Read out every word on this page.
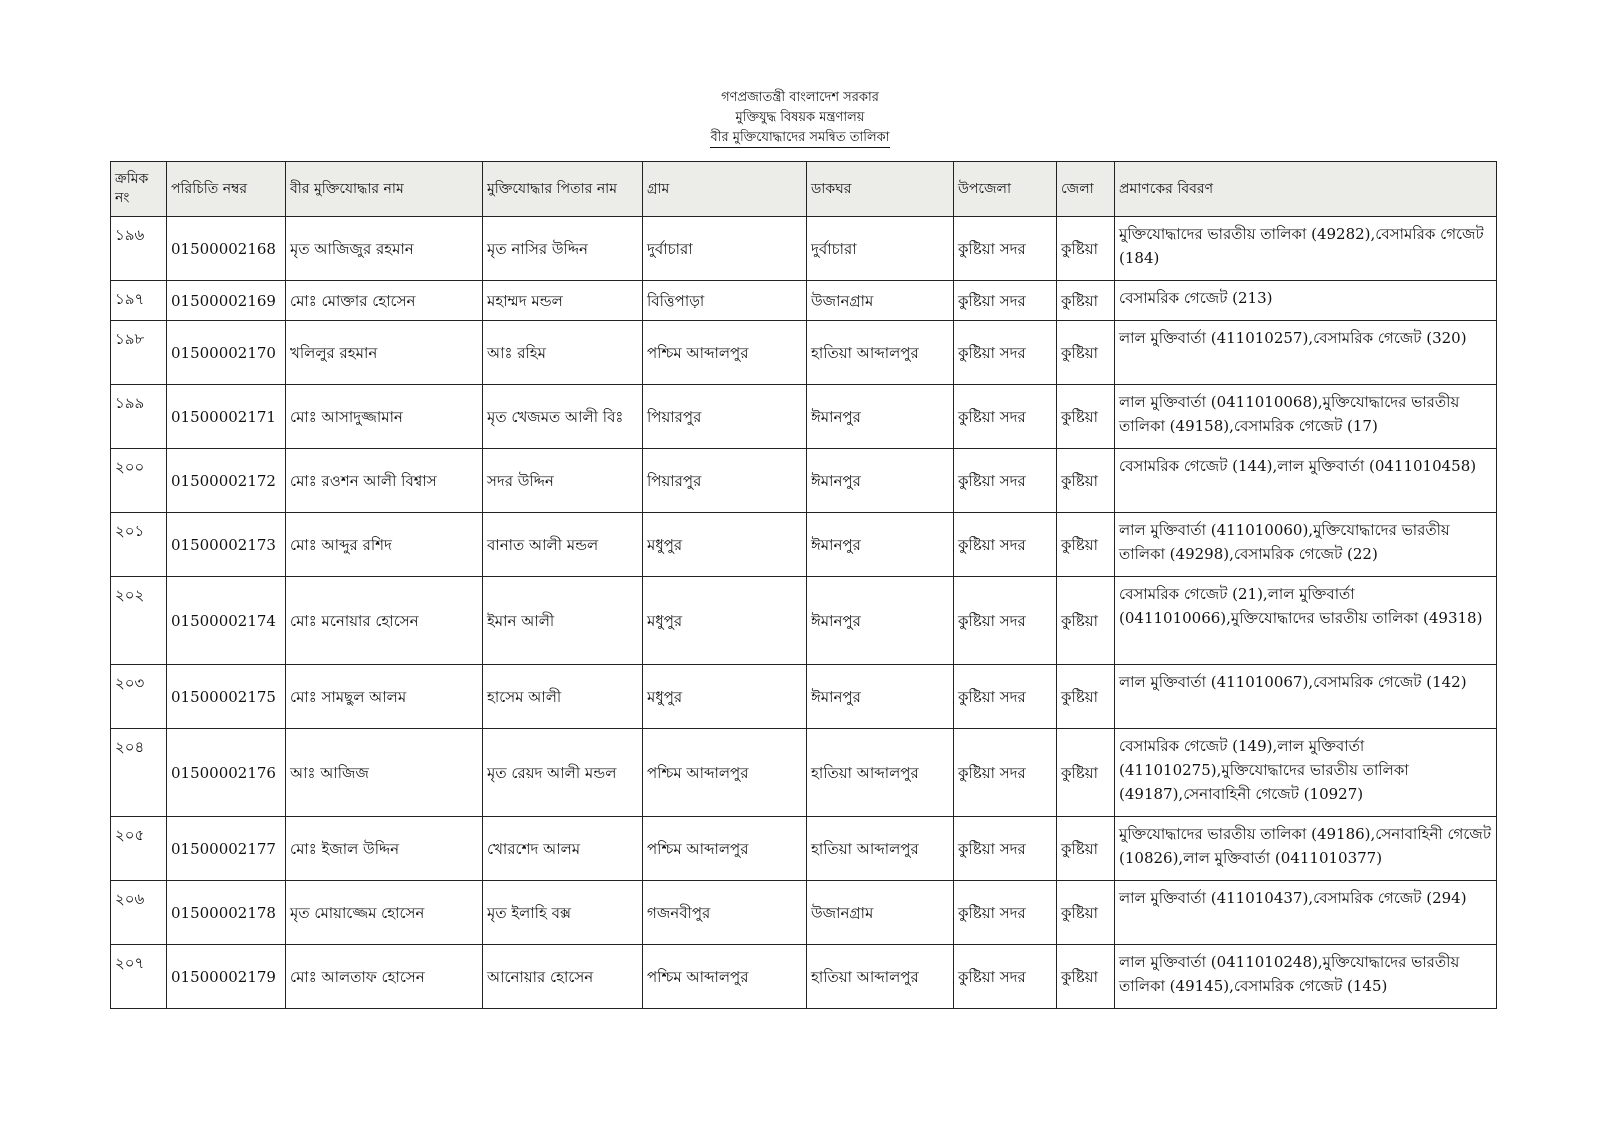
গণপ্রজাতন্ত্রী বাংলাদেশ সরকার
মুক্তিযুদ্ধ বিষয়ক মন্ত্রণালয়
বীর মুক্তিযোদ্ধাদের সমন্বিত তালিকা
ক্রমিক নং	পরিচিতি নম্বর	বীর মুক্তিযোদ্ধার নাম	মুক্তিযোদ্ধার পিতার নাম	গ্রাম	ডাকঘর	উপজেলা	জেলা	প্রমাণকের বিবরণ
১৯৬	01500002168	মৃত আজিজুর রহমান	মৃত নাসির উদ্দিন	দুর্বাচারা	দুর্বাচারা	কুষ্টিয়া সদর	কুষ্টিয়া	মুক্তিযোদ্ধাদের ভারতীয় তালিকা (49282),বেসামরিক গেজেট (184)
১৯৭	01500002169	মোঃ মোক্তার হোসেন	মহাম্মদ মন্ডল	বিত্তিপাড়া	উজানগ্রাম	কুষ্টিয়া সদর	কুষ্টিয়া	বেসামরিক গেজেট (213)
১৯৮	01500002170	খলিলুর রহমান	আঃ রহিম	পশ্চিম আব্দালপুর	হাতিয়া আব্দালপুর	কুষ্টিয়া সদর	কুষ্টিয়া	লাল মুক্তিবার্তা (411010257),বেসামরিক গেজেট (320)
১৯৯	01500002171	মোঃ আসাদুজ্জামান	মৃত খেজমত আলী বিঃ	পিয়ারপুর	ঈমানপুর	কুষ্টিয়া সদর	কুষ্টিয়া	লাল মুক্তিবার্তা (0411010068),মুক্তিযোদ্ধাদের ভারতীয় তালিকা (49158),বেসামরিক গেজেট (17)
২০০	01500002172	মোঃ রওশন আলী বিশ্বাস	সদর উদ্দিন	পিয়ারপুর	ঈমানপুর	কুষ্টিয়া সদর	কুষ্টিয়া	বেসামরিক গেজেট (144),লাল মুক্তিবার্তা (0411010458)
২০১	01500002173	মোঃ আব্দুর রশিদ	বানাত আলী মন্ডল	মধুপুর	ঈমানপুর	কুষ্টিয়া সদর	কুষ্টিয়া	লাল মুক্তিবার্তা (411010060),মুক্তিযোদ্ধাদের ভারতীয় তালিকা (49298),বেসামরিক গেজেট (22)
২০২	01500002174	মোঃ মনোয়ার হোসেন	ইমান আলী	মধুপুর	ঈমানপুর	কুষ্টিয়া সদর	কুষ্টিয়া	বেসামরিক গেজেট (21),লাল মুক্তিবার্তা (0411010066),মুক্তিযোদ্ধাদের ভারতীয় তালিকা (49318)
২০৩	01500002175	মোঃ সামছুল আলম	হাসেম আলী	মধুপুর	ঈমানপুর	কুষ্টিয়া সদর	কুষ্টিয়া	লাল মুক্তিবার্তা (411010067),বেসামরিক গেজেট (142)
২০৪	01500002176	আঃ আজিজ	মৃত রেয়দ আলী মন্ডল	পশ্চিম আব্দালপুর	হাতিয়া আব্দালপুর	কুষ্টিয়া সদর	কুষ্টিয়া	বেসামরিক গেজেট (149),লাল মুক্তিবার্তা (411010275),মুক্তিযোদ্ধাদের ভারতীয় তালিকা (49187),সেনাবাহিনী গেজেট (10927)
২০৫	01500002177	মোঃ ইজাল উদ্দিন	খোরশেদ আলম	পশ্চিম আব্দালপুর	হাতিয়া আব্দালপুর	কুষ্টিয়া সদর	কুষ্টিয়া	মুক্তিযোদ্ধাদের ভারতীয় তালিকা (49186),সেনাবাহিনী গেজেট (10826),লাল মুক্তিবার্তা (0411010377)
২০৬	01500002178	মৃত মোয়াজ্জেম হোসেন	মৃত ইলাহি বক্স	গজনবীপুর	উজানগ্রাম	কুষ্টিয়া সদর	কুষ্টিয়া	লাল মুক্তিবার্তা (411010437),বেসামরিক গেজেট (294)
২০৭	01500002179	মোঃ আলতাফ হোসেন	আনোয়ার হোসেন	পশ্চিম আব্দালপুর	হাতিয়া আব্দালপুর	কুষ্টিয়া সদর	কুষ্টিয়া	লাল মুক্তিবার্তা (0411010248),মুক্তিযোদ্ধাদের ভারতীয় তালিকা (49145),বেসামরিক গেজেট (145)
